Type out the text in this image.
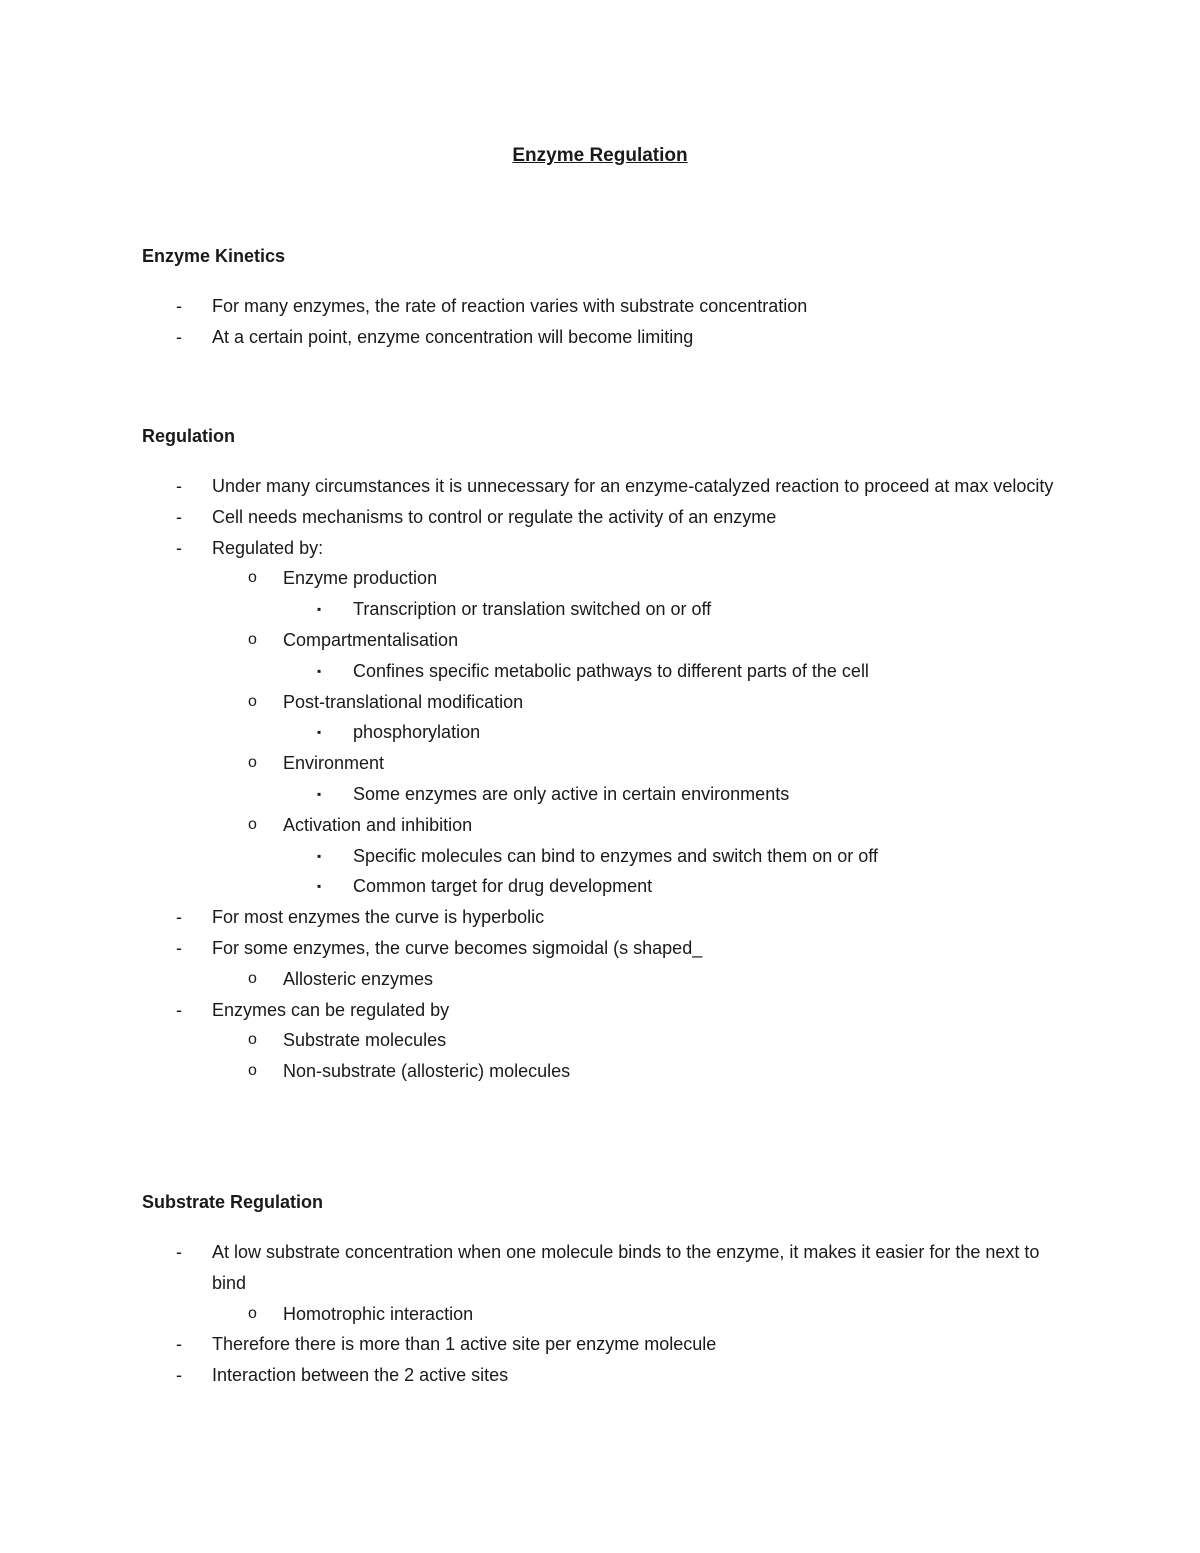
Enzyme Regulation
Enzyme Kinetics
- For many enzymes, the rate of reaction varies with substrate concentration
- At a certain point, enzyme concentration will become limiting
Regulation
- Under many circumstances it is unnecessary for an enzyme-catalyzed reaction to proceed at max velocity
- Cell needs mechanisms to control or regulate the activity of an enzyme
- Regulated by:
o Enzyme production
▪ Transcription or translation switched on or off
o Compartmentalisation
▪ Confines specific metabolic pathways to different parts of the cell
o Post-translational modification
▪ phosphorylation
o Environment
▪ Some enzymes are only active in certain environments
o Activation and inhibition
▪ Specific molecules can bind to enzymes and switch them on or off
▪ Common target for drug development
- For most enzymes the curve is hyperbolic
- For some enzymes, the curve becomes sigmoidal (s shaped_
o Allosteric enzymes
- Enzymes can be regulated by
o Substrate molecules
o Non-substrate (allosteric) molecules
Substrate Regulation
- At low substrate concentration when one molecule binds to the enzyme, it makes it easier for the next to bind
o Homotrophic interaction
- Therefore there is more than 1 active site per enzyme molecule
- Interaction between the 2 active sites
